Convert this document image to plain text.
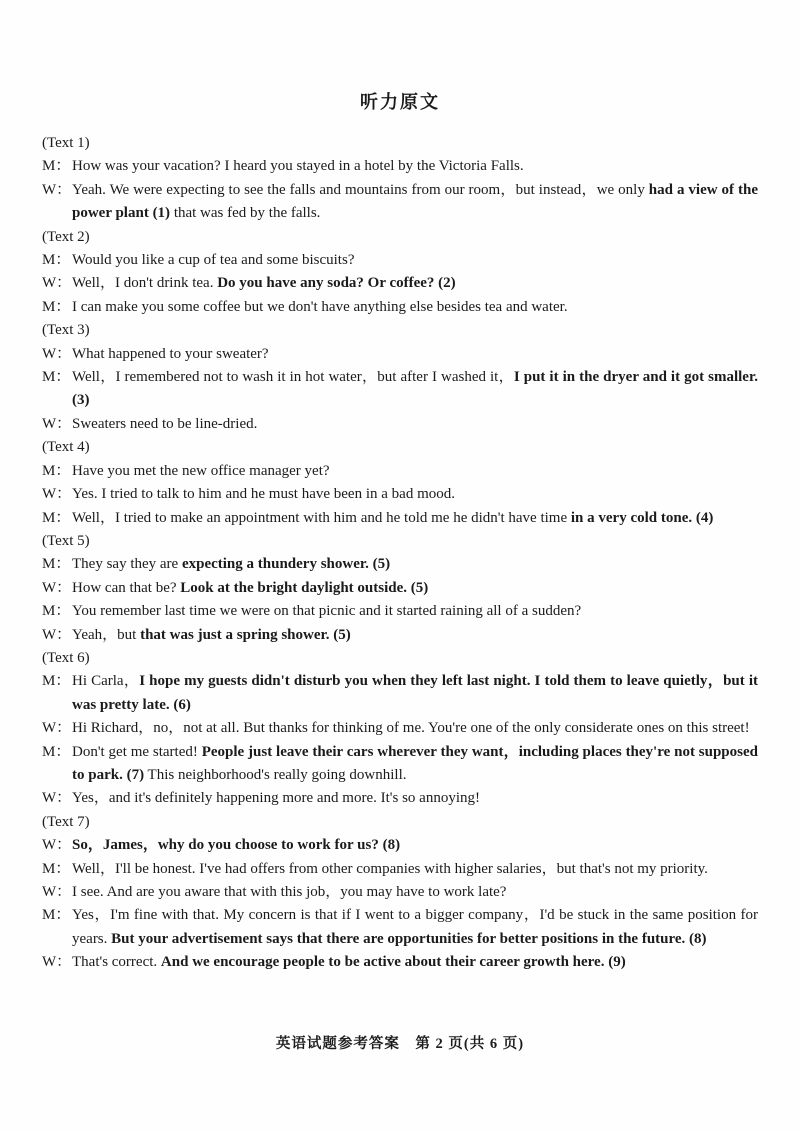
听力原文
(Text 1)
M： How was your vacation? I heard you stayed in a hotel by the Victoria Falls.
W：Yeah. We were expecting to see the falls and mountains from our room，but instead，we only had a view of the power plant (1) that was fed by the falls.
(Text 2)
M： Would you like a cup of tea and some biscuits?
W：Well，I don't drink tea. Do you have any soda? Or coffee? (2)
M： I can make you some coffee but we don't have anything else besides tea and water.
(Text 3)
W：What happened to your sweater?
M： Well，I remembered not to wash it in hot water，but after I washed it，I put it in the dryer and it got smaller. (3)
W：Sweaters need to be line-dried.
(Text 4)
M： Have you met the new office manager yet?
W：Yes. I tried to talk to him and he must have been in a bad mood.
M： Well，I tried to make an appointment with him and he told me he didn't have time in a very cold tone. (4)
(Text 5)
M： They say they are expecting a thundery shower. (5)
W：How can that be? Look at the bright daylight outside. (5)
M： You remember last time we were on that picnic and it started raining all of a sudden?
W：Yeah，but that was just a spring shower. (5)
(Text 6)
M： Hi Carla，I hope my guests didn't disturb you when they left last night. I told them to leave quietly，but it was pretty late. (6)
W：Hi Richard，no，not at all. But thanks for thinking of me. You're one of the only considerate ones on this street!
M： Don't get me started! People just leave their cars wherever they want，including places they're not supposed to park. (7) This neighborhood's really going downhill.
W：Yes，and it's definitely happening more and more. It's so annoying!
(Text 7)
W：So，James，why do you choose to work for us? (8)
M： Well，I'll be honest. I've had offers from other companies with higher salaries，but that's not my priority.
W：I see. And are you aware that with this job，you may have to work late?
M： Yes，I'm fine with that. My concern is that if I went to a bigger company，I'd be stuck in the same position for years. But your advertisement says that there are opportunities for better positions in the future. (8)
W：That's correct. And we encourage people to be active about their career growth here. (9)
英语试题参考答案　第 2 页(共 6 页)
